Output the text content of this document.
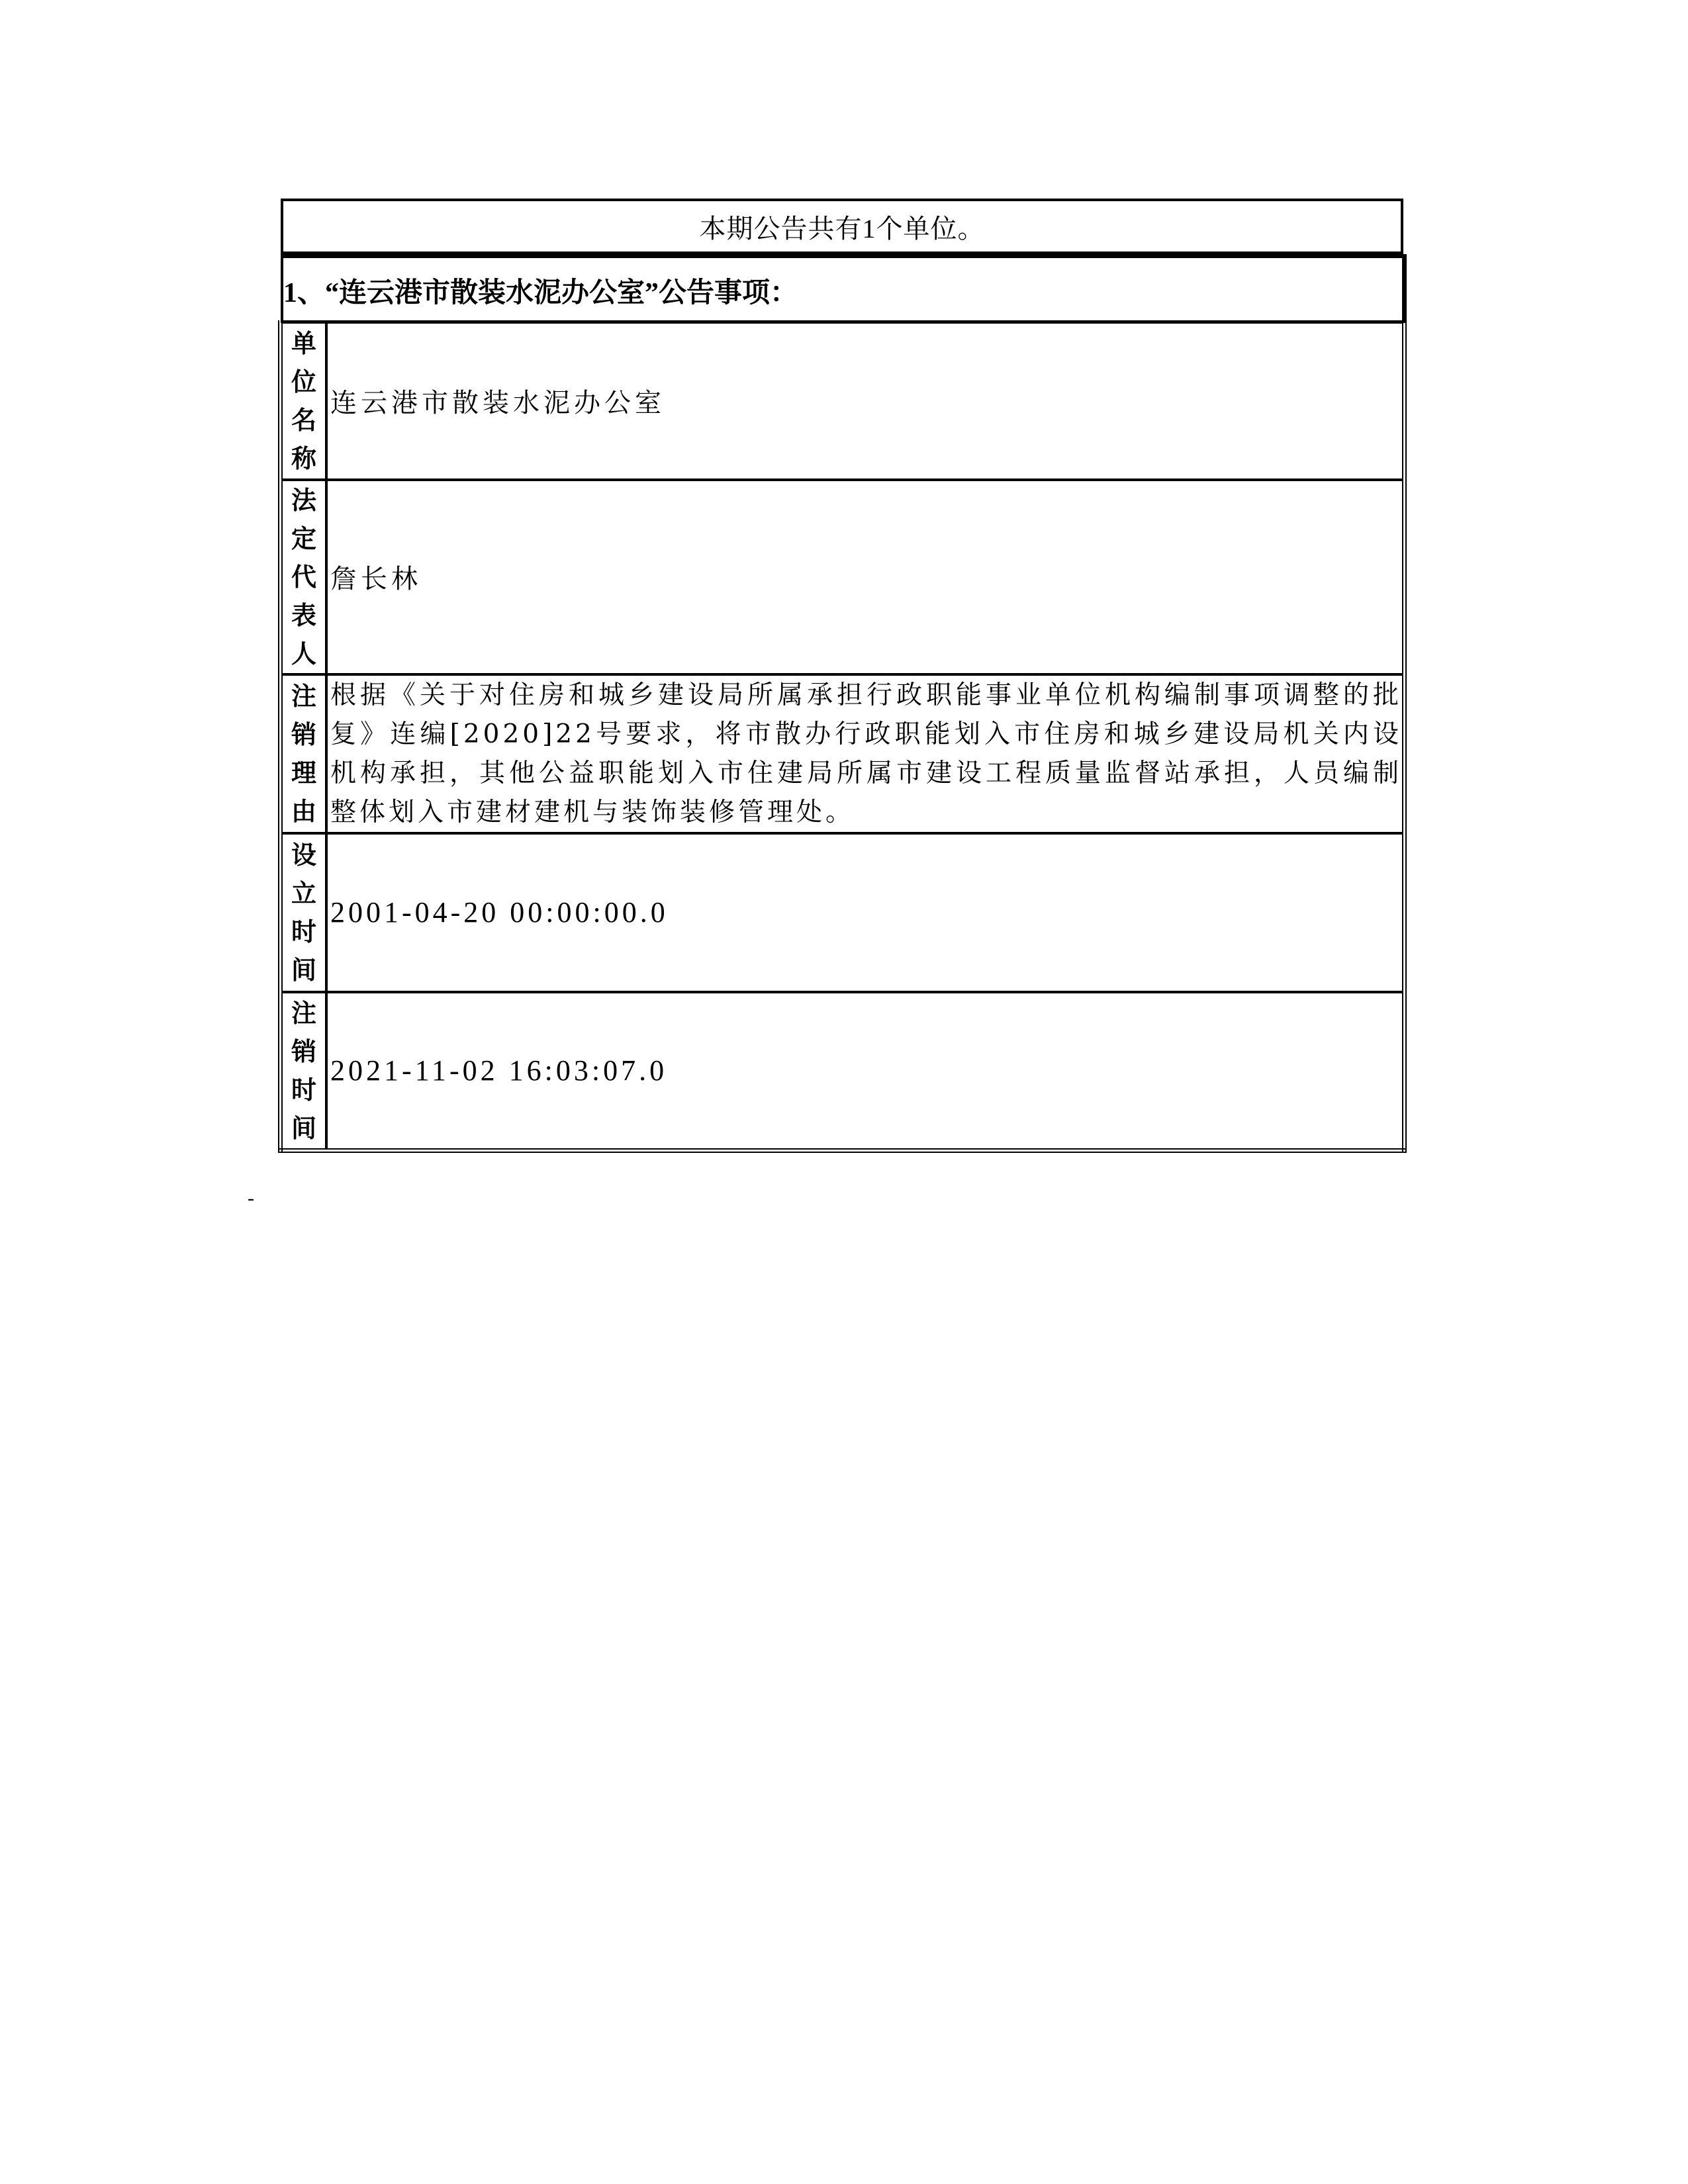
本期公告共有1个单位。
1、“连云港市散装水泥办公室”公告事项：
单
位
名
称	连云港市散装水泥办公室

法
定
代
表
人	詹长林

注
销
理
由	根据《关于对住房和城乡建设局所属承担行政职能事业单位机构编制事项调整的批复》连编[2020]22号要求，将市散办行政职能划入市住房和城乡建设局机关内设机构承担，其他公益职能划入市住建局所属市建设工程质量监督站承担，人员编制整体划入市建材建机与装饰装修管理处。

设
立
时
间	2001-04-20 00:00:00.0

注
销
时
间	2021-11-02 16:03:07.0
-
